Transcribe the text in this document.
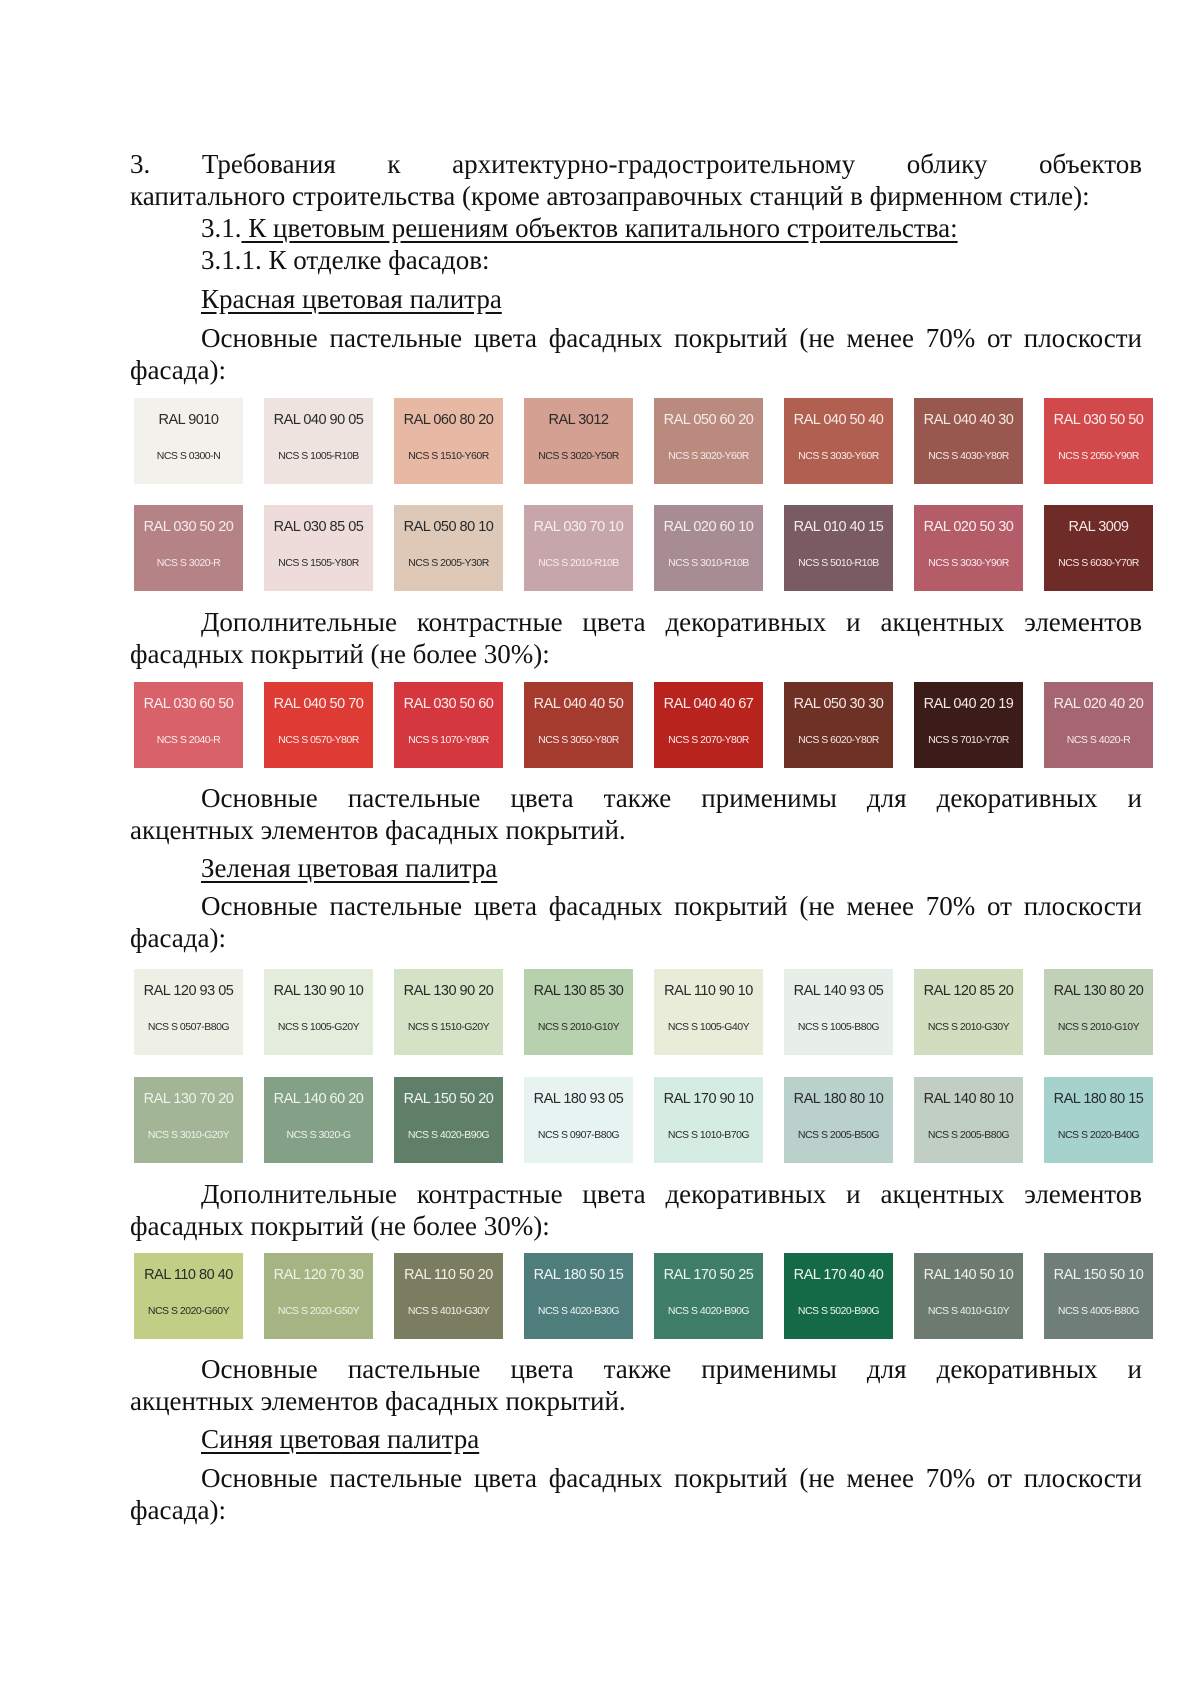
3. Требования к архитектурно-градостроительному облику объектов

капитального строительства (кроме автозаправочных станций в фирменном стиле):

3.1. К цветовым решениям объектов капитального строительства:

3.1.1. К отделке фасадов:

Красная цветовая палитра

Основные пастельные цвета фасадных покрытий (не менее 70% от плоскости

фасада):

RAL 9010
NCS S 0300-N
RAL 040 90 05
NCS S 1005-R10B
RAL 060 80 20
NCS S 1510-Y60R
RAL 3012
NCS S 3020-Y50R
RAL 050 60 20
NCS S 3020-Y60R
RAL 040 50 40
NCS S 3030-Y60R
RAL 040 40 30
NCS S 4030-Y80R
RAL 030 50 50
NCS S 2050-Y90R
RAL 030 50 20
NCS S 3020-R
RAL 030 85 05
NCS S 1505-Y80R
RAL 050 80 10
NCS S 2005-Y30R
RAL 030 70 10
NCS S 2010-R10B
RAL 020 60 10
NCS S 3010-R10B
RAL 010 40 15
NCS S 5010-R10B
RAL 020 50 30
NCS S 3030-Y90R
RAL 3009
NCS S 6030-Y70R

Дополнительные контрастные цвета декоративных и акцентных элементов

фасадных покрытий (не более 30%):

RAL 030 60 50
NCS S 2040-R
RAL 040 50 70
NCS S 0570-Y80R
RAL 030 50 60
NCS S 1070-Y80R
RAL 040 40 50
NCS S 3050-Y80R
RAL 040 40 67
NCS S 2070-Y80R
RAL 050 30 30
NCS S 6020-Y80R
RAL 040 20 19
NCS S 7010-Y70R
RAL 020 40 20
NCS S 4020-R

Основные пастельные цвета также применимы для декоративных и

акцентных элементов фасадных покрытий.

Зеленая цветовая палитра

Основные пастельные цвета фасадных покрытий (не менее 70% от плоскости

фасада):

RAL 120 93 05
NCS S 0507-B80G
RAL 130 90 10
NCS S 1005-G20Y
RAL 130 90 20
NCS S 1510-G20Y
RAL 130 85 30
NCS S 2010-G10Y
RAL 110 90 10
NCS S 1005-G40Y
RAL 140 93 05
NCS S 1005-B80G
RAL 120 85 20
NCS S 2010-G30Y
RAL 130 80 20
NCS S 2010-G10Y
RAL 130 70 20
NCS S 3010-G20Y
RAL 140 60 20
NCS S 3020-G
RAL 150 50 20
NCS S 4020-B90G
RAL 180 93 05
NCS S 0907-B80G
RAL 170 90 10
NCS S 1010-B70G
RAL 180 80 10
NCS S 2005-B50G
RAL 140 80 10
NCS S 2005-B80G
RAL 180 80 15
NCS S 2020-B40G

Дополнительные контрастные цвета декоративных и акцентных элементов

фасадных покрытий (не более 30%):

RAL 110 80 40
NCS S 2020-G60Y
RAL 120 70 30
NCS S 2020-G50Y
RAL 110 50 20
NCS S 4010-G30Y
RAL 180 50 15
NCS S 4020-B30G
RAL 170 50 25
NCS S 4020-B90G
RAL 170 40 40
NCS S 5020-B90G
RAL 140 50 10
NCS S 4010-G10Y
RAL 150 50 10
NCS S 4005-B80G

Основные пастельные цвета также применимы для декоративных и

акцентных элементов фасадных покрытий.

Синяя цветовая палитра

Основные пастельные цвета фасадных покрытий (не менее 70% от плоскости

фасада):
